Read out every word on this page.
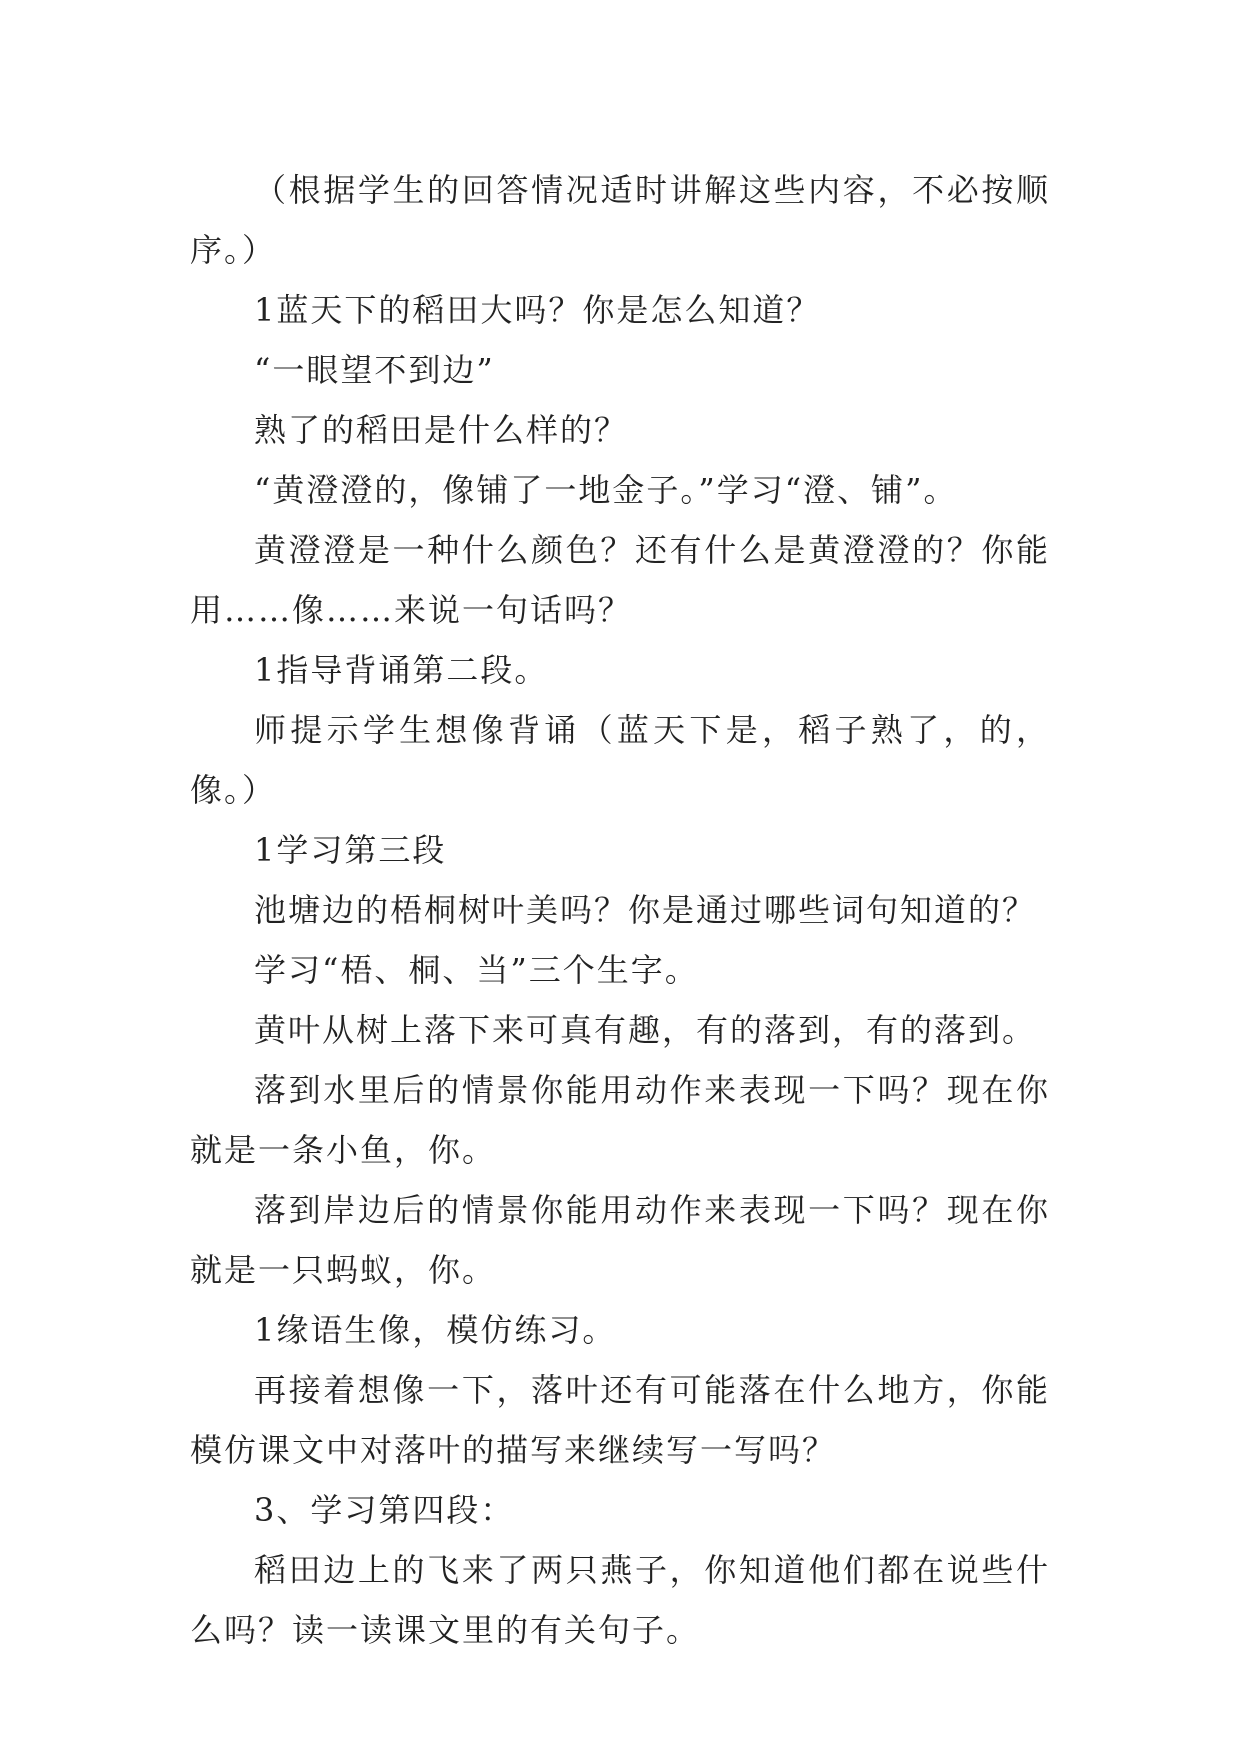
（根据学生的回答情况适时讲解这些内容，不必按顺序。）

1蓝天下的稻田大吗？你是怎么知道？

“一眼望不到边”

熟了的稻田是什么样的？

“黄澄澄的，像铺了一地金子。”学习“澄、铺”。

黄澄澄是一种什么颜色？还有什么是黄澄澄的？你能用……像……来说一句话吗？

1指导背诵第二段。

师提示学生想像背诵（蓝天下是，稻子熟了，的，像。）

1学习第三段

池塘边的梧桐树叶美吗？你是通过哪些词句知道的？

学习“梧、桐、当”三个生字。

黄叶从树上落下来可真有趣，有的落到，有的落到。

落到水里后的情景你能用动作来表现一下吗？现在你就是一条小鱼，你。

落到岸边后的情景你能用动作来表现一下吗？现在你就是一只蚂蚁，你。

1缘语生像，模仿练习。

再接着想像一下，落叶还有可能落在什么地方，你能模仿课文中对落叶的描写来继续写一写吗？

3、学习第四段：

稻田边上的飞来了两只燕子，你知道他们都在说些什么吗？读一读课文里的有关句子。
